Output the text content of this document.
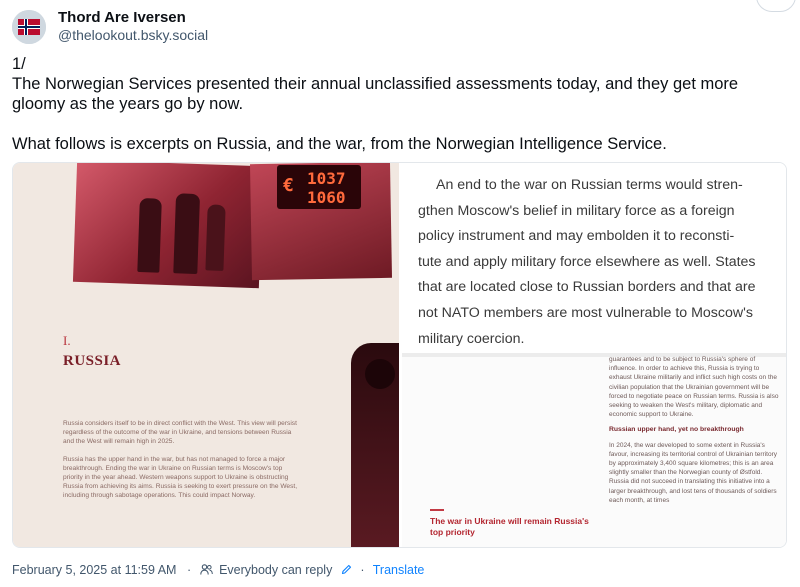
Thord Are Iversen
@thelookout.bsky.social

1/

The Norwegian Services presented their annual unclassified assessments today, and they get more

gloomy as the years go by now.

What follows is excerpts on Russia, and the war, from the Norwegian Intelligence Service.

€ 1037
1060
I.
RUSSIA

Russia considers itself to be in direct conflict with the West. This view will persist regardless of the outcome of the war in Ukraine, and tensions between Russia and the West will remain high in 2025.

Russia has the upper hand in the war, but has not managed to force a major breakthrough. Ending the war in Ukraine on Russian terms is Moscow's top priority in the year ahead. Western weapons support to Ukraine is obstructing Russia from achieving its aims. Russia is seeking to exert pressure on the West, including through sabotage operations. This could impact Norway.

An end to the war on Russian terms would stren-
gthen Moscow's belief in military force as a foreign
policy instrument and may embolden it to reconsti-
tute and apply military force elsewhere as well. States
that are located close to Russian borders and that are
not NATO members are most vulnerable to Moscow's
military coercion.

guarantees and to be subject to Russia's sphere of influence. In order to achieve this, Russia is trying to exhaust Ukraine militarily and inflict such high costs on the civilian population that the Ukrainian government will be forced to negotiate peace on Russian terms. Russia is also seeking to weaken the West's military, diplomatic and economic support to Ukraine.

Russian upper hand, yet no breakthrough

In 2024, the war developed to some extent in Russia's favour, increasing its territorial control of Ukrainian territory by approximately 3,400 square kilometres; this is an area slightly smaller than the Norwegian county of Østfold. Russia did not succeed in translating this initiative into a larger breakthrough, and lost tens of thousands of soldiers each month, at times

The war in Ukraine will remain Russia's top priority
February 5, 2025 at 11:59 AM · Everybody can reply · Translate
